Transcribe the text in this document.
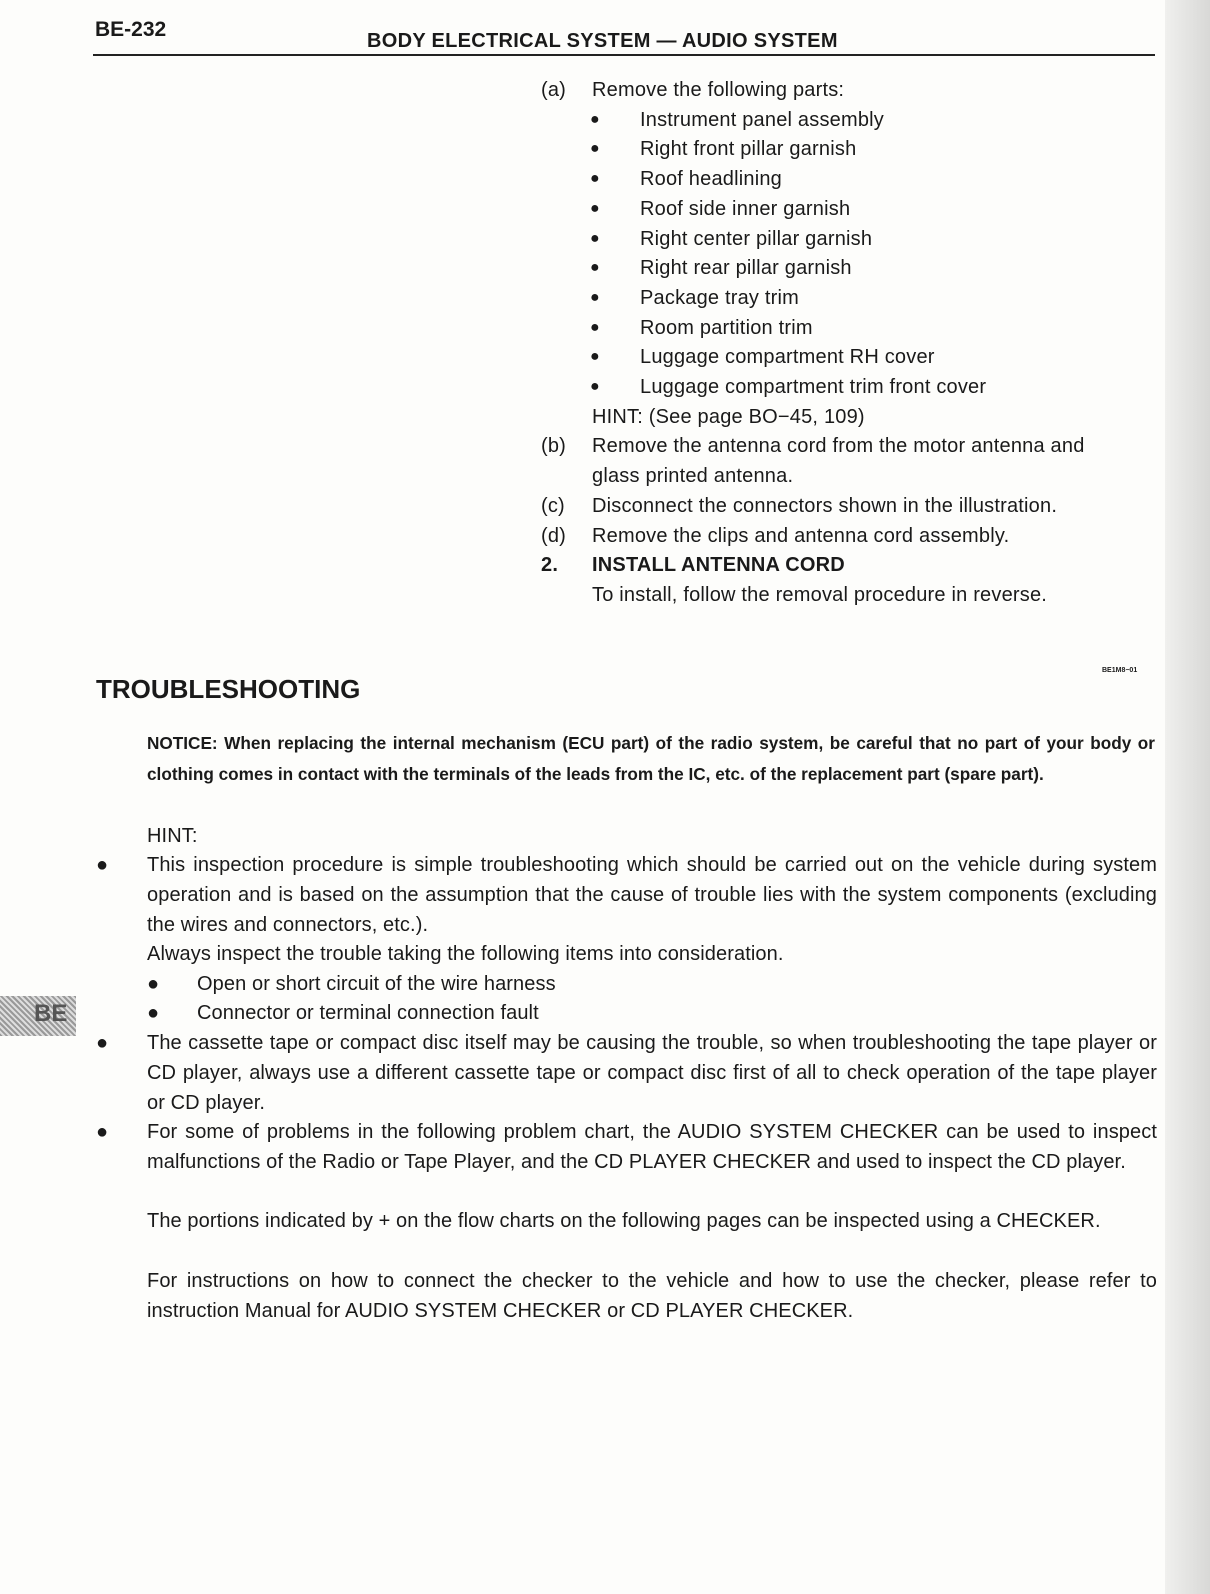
BE-232	BODY ELECTRICAL SYSTEM — AUDIO SYSTEM
(a) Remove the following parts:
● Instrument panel assembly
● Right front pillar garnish
● Roof headlining
● Roof side inner garnish
● Right center pillar garnish
● Right rear pillar garnish
● Package tray trim
● Room partition trim
● Luggage compartment RH cover
● Luggage compartment trim front cover
HINT: (See page BO−45, 109)
(b) Remove the antenna cord from the motor antenna and
glass printed antenna.
(c) Disconnect the connectors shown in the illustration.
(d) Remove the clips and antenna cord assembly.
2. INSTALL ANTENNA CORD
To install, follow the removal procedure in reverse.
BE1M8−01
TROUBLESHOOTING
NOTICE: When replacing the internal mechanism (ECU part) of the radio system, be careful that no part of your body or clothing comes in contact with the terminals of the leads from the IC, etc. of the replacement part (spare part).
HINT:
● This inspection procedure is simple troubleshooting which should be carried out on the vehicle during system operation and is based on the assumption that the cause of trouble lies with the system components (excluding the wires and connectors, etc.).
Always inspect the trouble taking the following items into consideration.
●	Open or short circuit of the wire harness
●	Connector or terminal connection fault
● The cassette tape or compact disc itself may be causing the trouble, so when troubleshooting the tape player or CD player, always use a different cassette tape or compact disc first of all to check operation of the tape player or CD player.
● For some of problems in the following problem chart, the AUDIO SYSTEM CHECKER can be used to inspect malfunctions of the Radio or Tape Player, and the CD PLAYER CHECKER and used to inspect the CD player.
The portions indicated by + on the flow charts on the following pages can be inspected using a CHECKER.
For instructions on how to connect the checker to the vehicle and how to use the checker, please refer to instruction Manual for AUDIO SYSTEM CHECKER or CD PLAYER CHECKER.
BE
